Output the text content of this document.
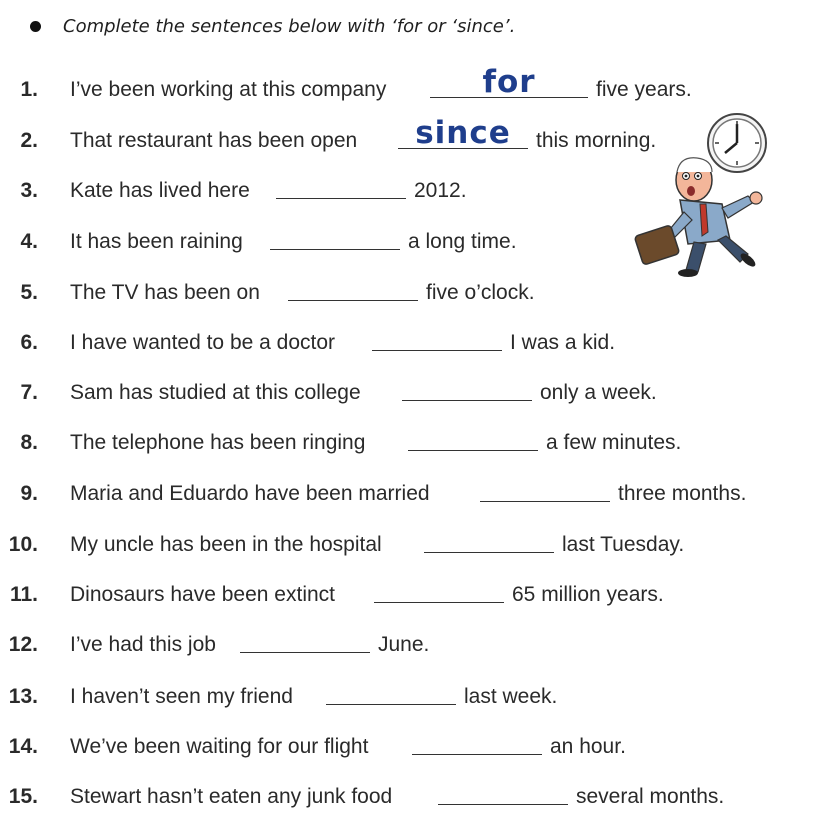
Complete the sentences below with ‘for or ‘since’.
1. I’ve been working at this company	for	five years.
2. That restaurant has been open	since	this morning.
3. Kate has lived here	2012.
4. It has been raining	a long time.
5. The TV has been on	five o’clock.
6. I have wanted to be a doctor	I was a kid.
7. Sam has studied at this college	only a week.
8. The telephone has been ringing	a few minutes.
9. Maria and Eduardo have been married	three months.
10. My uncle has been in the hospital	last Tuesday.
11. Dinosaurs have been extinct	65 million years.
12. I’ve had this job	June.
13. I haven’t seen my friend	last week.
14. We’ve been waiting for our flight	an hour.
15. Stewart hasn’t eaten any junk food	several months.
